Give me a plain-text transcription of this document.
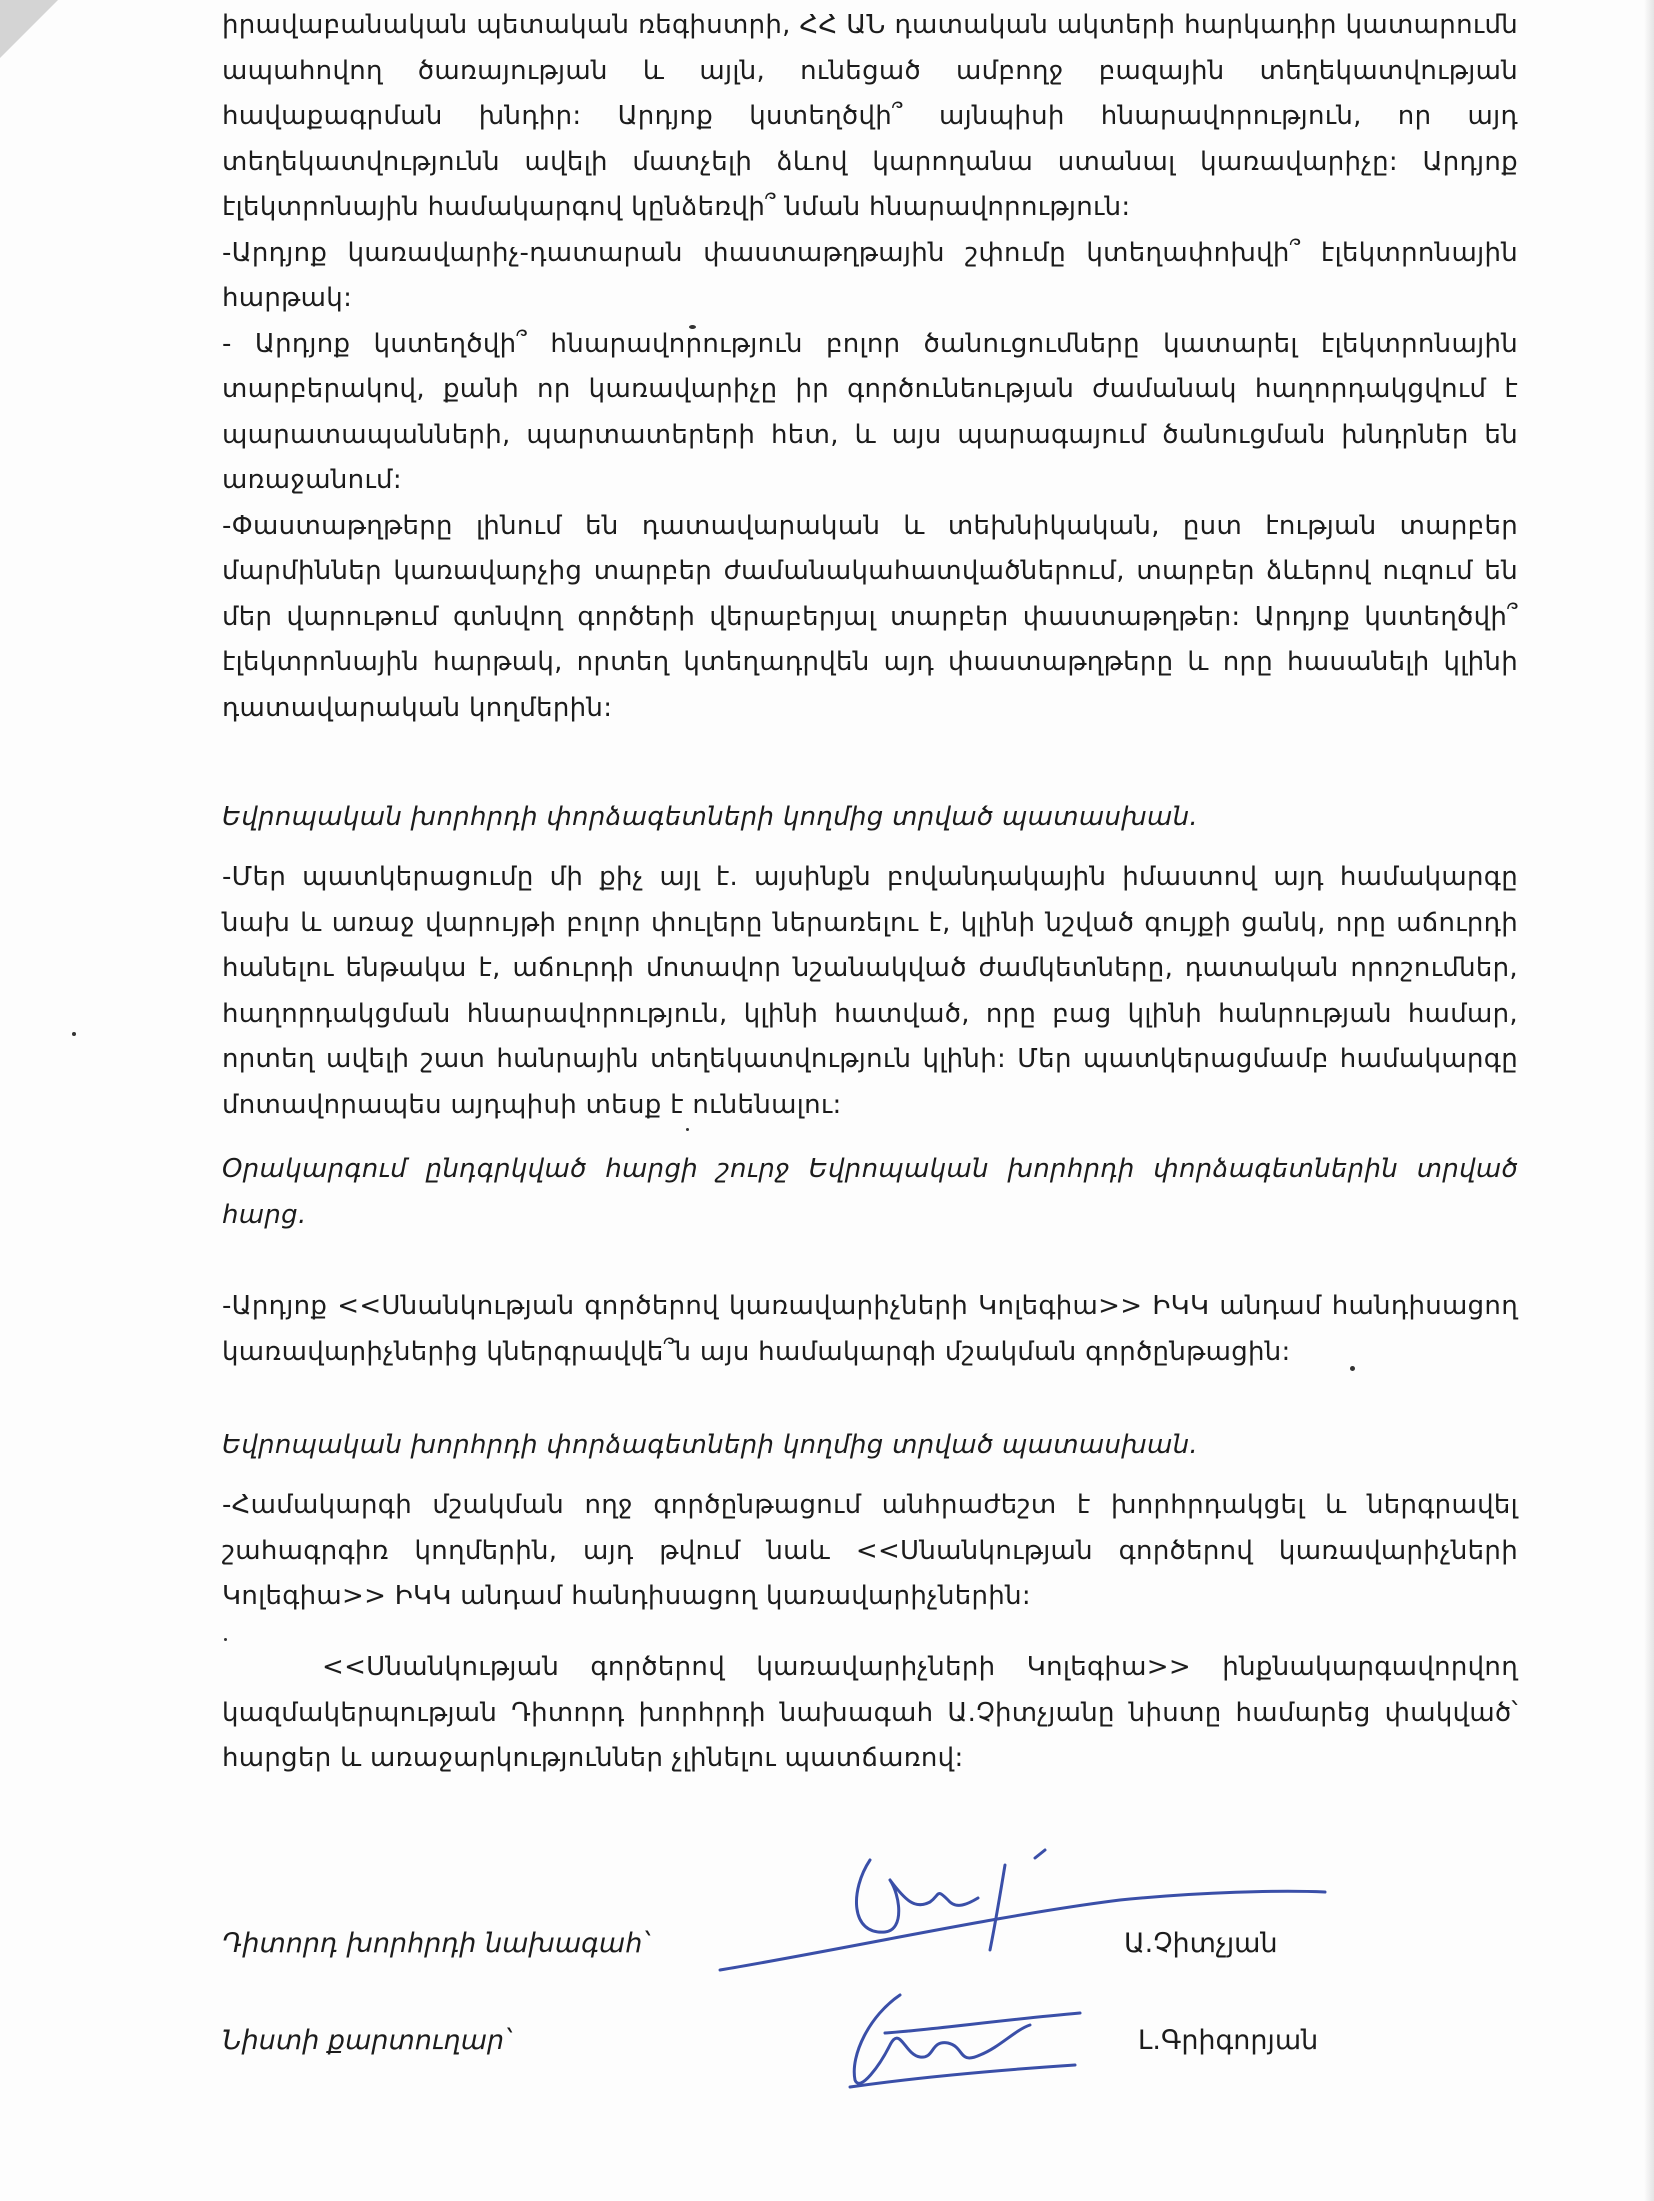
իրավաբանական պետական ռեգիստրի, ՀՀ ԱՆ դատական ակտերի հարկադիր կատարումն ապահովող ծառայության և այլն, ունեցած ամբողջ բազային տեղեկատվության հավաքագրման խնդիր: Արդյոք կստեղծվի՞ այնպիսի հնարավորություն, որ այդ տեղեկատվությունն ավելի մատչելի ձևով կարողանա ստանալ կառավարիչը: Արդյոք էլեկտրոնային համակարգով կընձեռվի՞ նման հնարավորություն:

-Արդյոք կառավարիչ-դատարան փաստաթղթային շփումը կտեղափոխվի՞ էլեկտրոնային հարթակ:

- Արդյոք կստեղծվի՞ հնարավորություն բոլոր ծանուցումները կատարել էլեկտրոնային տարբերակով, քանի որ կառավարիչը իր գործունեության ժամանակ հաղորդակցվում է պարատապանների, պարտատերերի հետ, և այս պարագայում ծանուցման խնդրներ են առաջանում:

-Փաստաթղթերը լինում են դատավարական և տեխնիկական, ըստ էության տարբեր մարմիններ կառավարչից տարբեր ժամանակահատվածներում, տարբեր ձևերով ուզում են մեր վարութում գտնվող գործերի վերաբերյալ տարբեր փաստաթղթեր: Արդյոք կստեղծվի՞ էլեկտրոնային հարթակ, որտեղ կտեղադրվեն այդ փաստաթղթերը և որը հասանելի կլինի դատավարական կողմերին:

Եվրոպական խորհրդի փորձագետների կողմից տրված պատասխան.
-Մեր պատկերացումը մի քիչ այլ է. այսինքն բովանդակային իմաստով այդ համակարգը նախ և առաջ վարույթի բոլոր փուլերը ներառելու է, կլինի նշված գույքի ցանկ, որը աճուրդի հանելու ենթակա է, աճուրդի մոտավոր նշանակված ժամկետները, դատական որոշումներ, հաղորդակցման հնարավորություն, կլինի հատված, որը բաց կլինի հանրության համար, որտեղ ավելի շատ հանրային տեղեկատվություն կլինի: Մեր պատկերացմամբ համակարգը մոտավորապես այդպիսի տեսք է ունենալու:
Օրակարգում ընդգրկված հարցի շուրջ Եվրոպական խորհրդի փորձագետներին տրված հարց.
-Արդյոք <<Սնանկության գործերով կառավարիչների Կոլեգիա>> ԻԿԿ անդամ հանդիսացող կառավարիչներից կներգրավվե՞ն այս համակարգի մշակման գործընթացին:
Եվրոպական խորհրդի փորձագետների կողմից տրված պատասխան.
-Համակարգի մշակման ողջ գործընթացում անհրաժեշտ է խորհրդակցել և ներգրավել շահագրգիռ կողմերին, այդ թվում նաև <<Սնանկության գործերով կառավարիչների Կոլեգիա>> ԻԿԿ անդամ հանդիսացող կառավարիչներին:
<<Սնանկության գործերով կառավարիչների Կոլեգիա>> ինքնակարգավորվող կազմակերպության Դիտորդ խորհրդի նախագահ Ա.Չիտչյանը նիստը համարեց փակված՝ հարցեր և առաջարկություններ չլինելու պատճառով:
Դիտորդ խորհրդի նախագահ՝	Ա.Չիտչյան
Նիստի քարտուղար՝	Լ.Գրիգորյան
